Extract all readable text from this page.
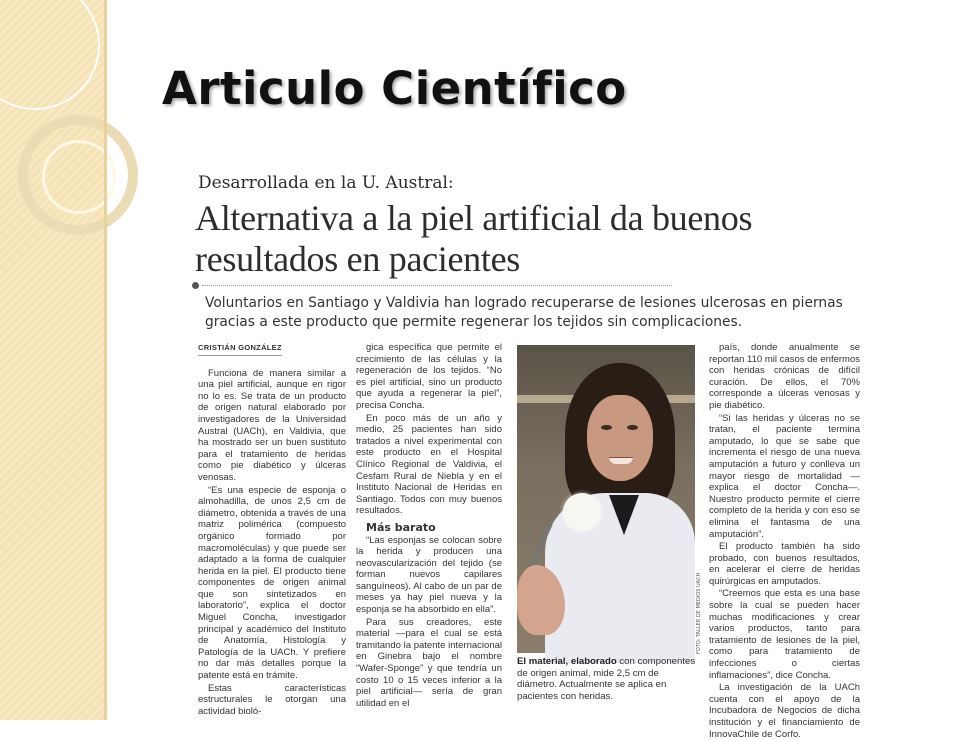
Articulo Científico
Desarrollada en la U. Austral:
Alternativa a la piel artificial da buenos resultados en pacientes
Voluntarios en Santiago y Valdivia han logrado recuperarse de lesiones ulcerosas en piernas gracias a este producto que permite regenerar los tejidos sin complicaciones.
CRISTIÁN GONZÁLEZ

Funciona de manera similar a una piel artificial, aunque en rigor no lo es. Se trata de un producto de origen natural elaborado por investigadores de la Universidad Austral (UACh), en Valdivia, que ha mostrado ser un buen sustituto para el tratamiento de heridas como pie diabético y úlceras venosas.

“Es una especie de esponja o almohadilla, de unos 2,5 cm de diámetro, obtenida a través de una matriz polimérica (compuesto orgánico formado por macromoléculas) y que puede ser adaptado a la forma de cualquier herida en la piel. El producto tiene componentes de origen animal que son sintetizados en laboratorio”, explica el doctor Miguel Concha, investigador principal y académico del Instituto de Anatomía, Histología y Patología de la UACh. Y prefiere no dar más detalles porque la patente está en trámite.

Estas características estructurales le otorgan una actividad bioló-

gica específica que permite el crecimiento de las células y la regeneración de los tejidos. “No es piel artificial, sino un producto que ayuda a regenerar la piel”, precisa Concha.

En poco más de un año y medio, 25 pacientes han sido tratados a nivel experimental con este producto en el Hospital Clínico Regional de Valdivia, el Cesfam Rural de Niebla y en el Instituto Nacional de Heridas en Santiago. Todos con muy buenos resultados.

Más barato

“Las esponjas se colocan sobre la herida y producen una neovascularización del tejido (se forman nuevos capilares sanguíneos). Al cabo de un par de meses ya hay piel nueva y la esponja se ha absorbido en ella”.

Para sus creadores, este material —para el cual se está tramitando la patente internacional en Ginebra bajo el nombre “Wafer-Sponge” y que tendría un costo 10 o 15 veces inferior a la piel artificial— sería de gran utilidad en el

FOTO: TALLER DE MEDIOS UACH
El material, elaborado con componentes de origen animal, mide 2,5 cm de diámetro. Actualmente se aplica en pacientes con heridas.

país, donde anualmente se reportan 110 mil casos de enfermos con heridas crónicas de difícil curación. De ellos, el 70% corresponde a úlceras venosas y pie diabético.

“Si las heridas y úlceras no se tratan, el paciente termina amputado, lo que se sabe que incrementa el riesgo de una nueva amputación a futuro y conlleva un mayor riesgo de mortalidad —explica el doctor Concha—. Nuestro producto permite el cierre completo de la herida y con eso se elimina el fantasma de una amputación”.

El producto también ha sido probado, con buenos resultados, en acelerar el cierre de heridas quirúrgicas en amputados.

“Creemos que esta es una base sobre la cual se pueden hacer muchas modificaciones y crear varios productos, tanto para tratamiento de lesiones de la piel, como para tratamiento de infecciones o ciertas inflamaciones”, dice Concha.

La investigación de la UACh cuenta con el apoyo de la Incubadora de Negocios de dicha institución y el financiamiento de InnovaChile de Corfo.
